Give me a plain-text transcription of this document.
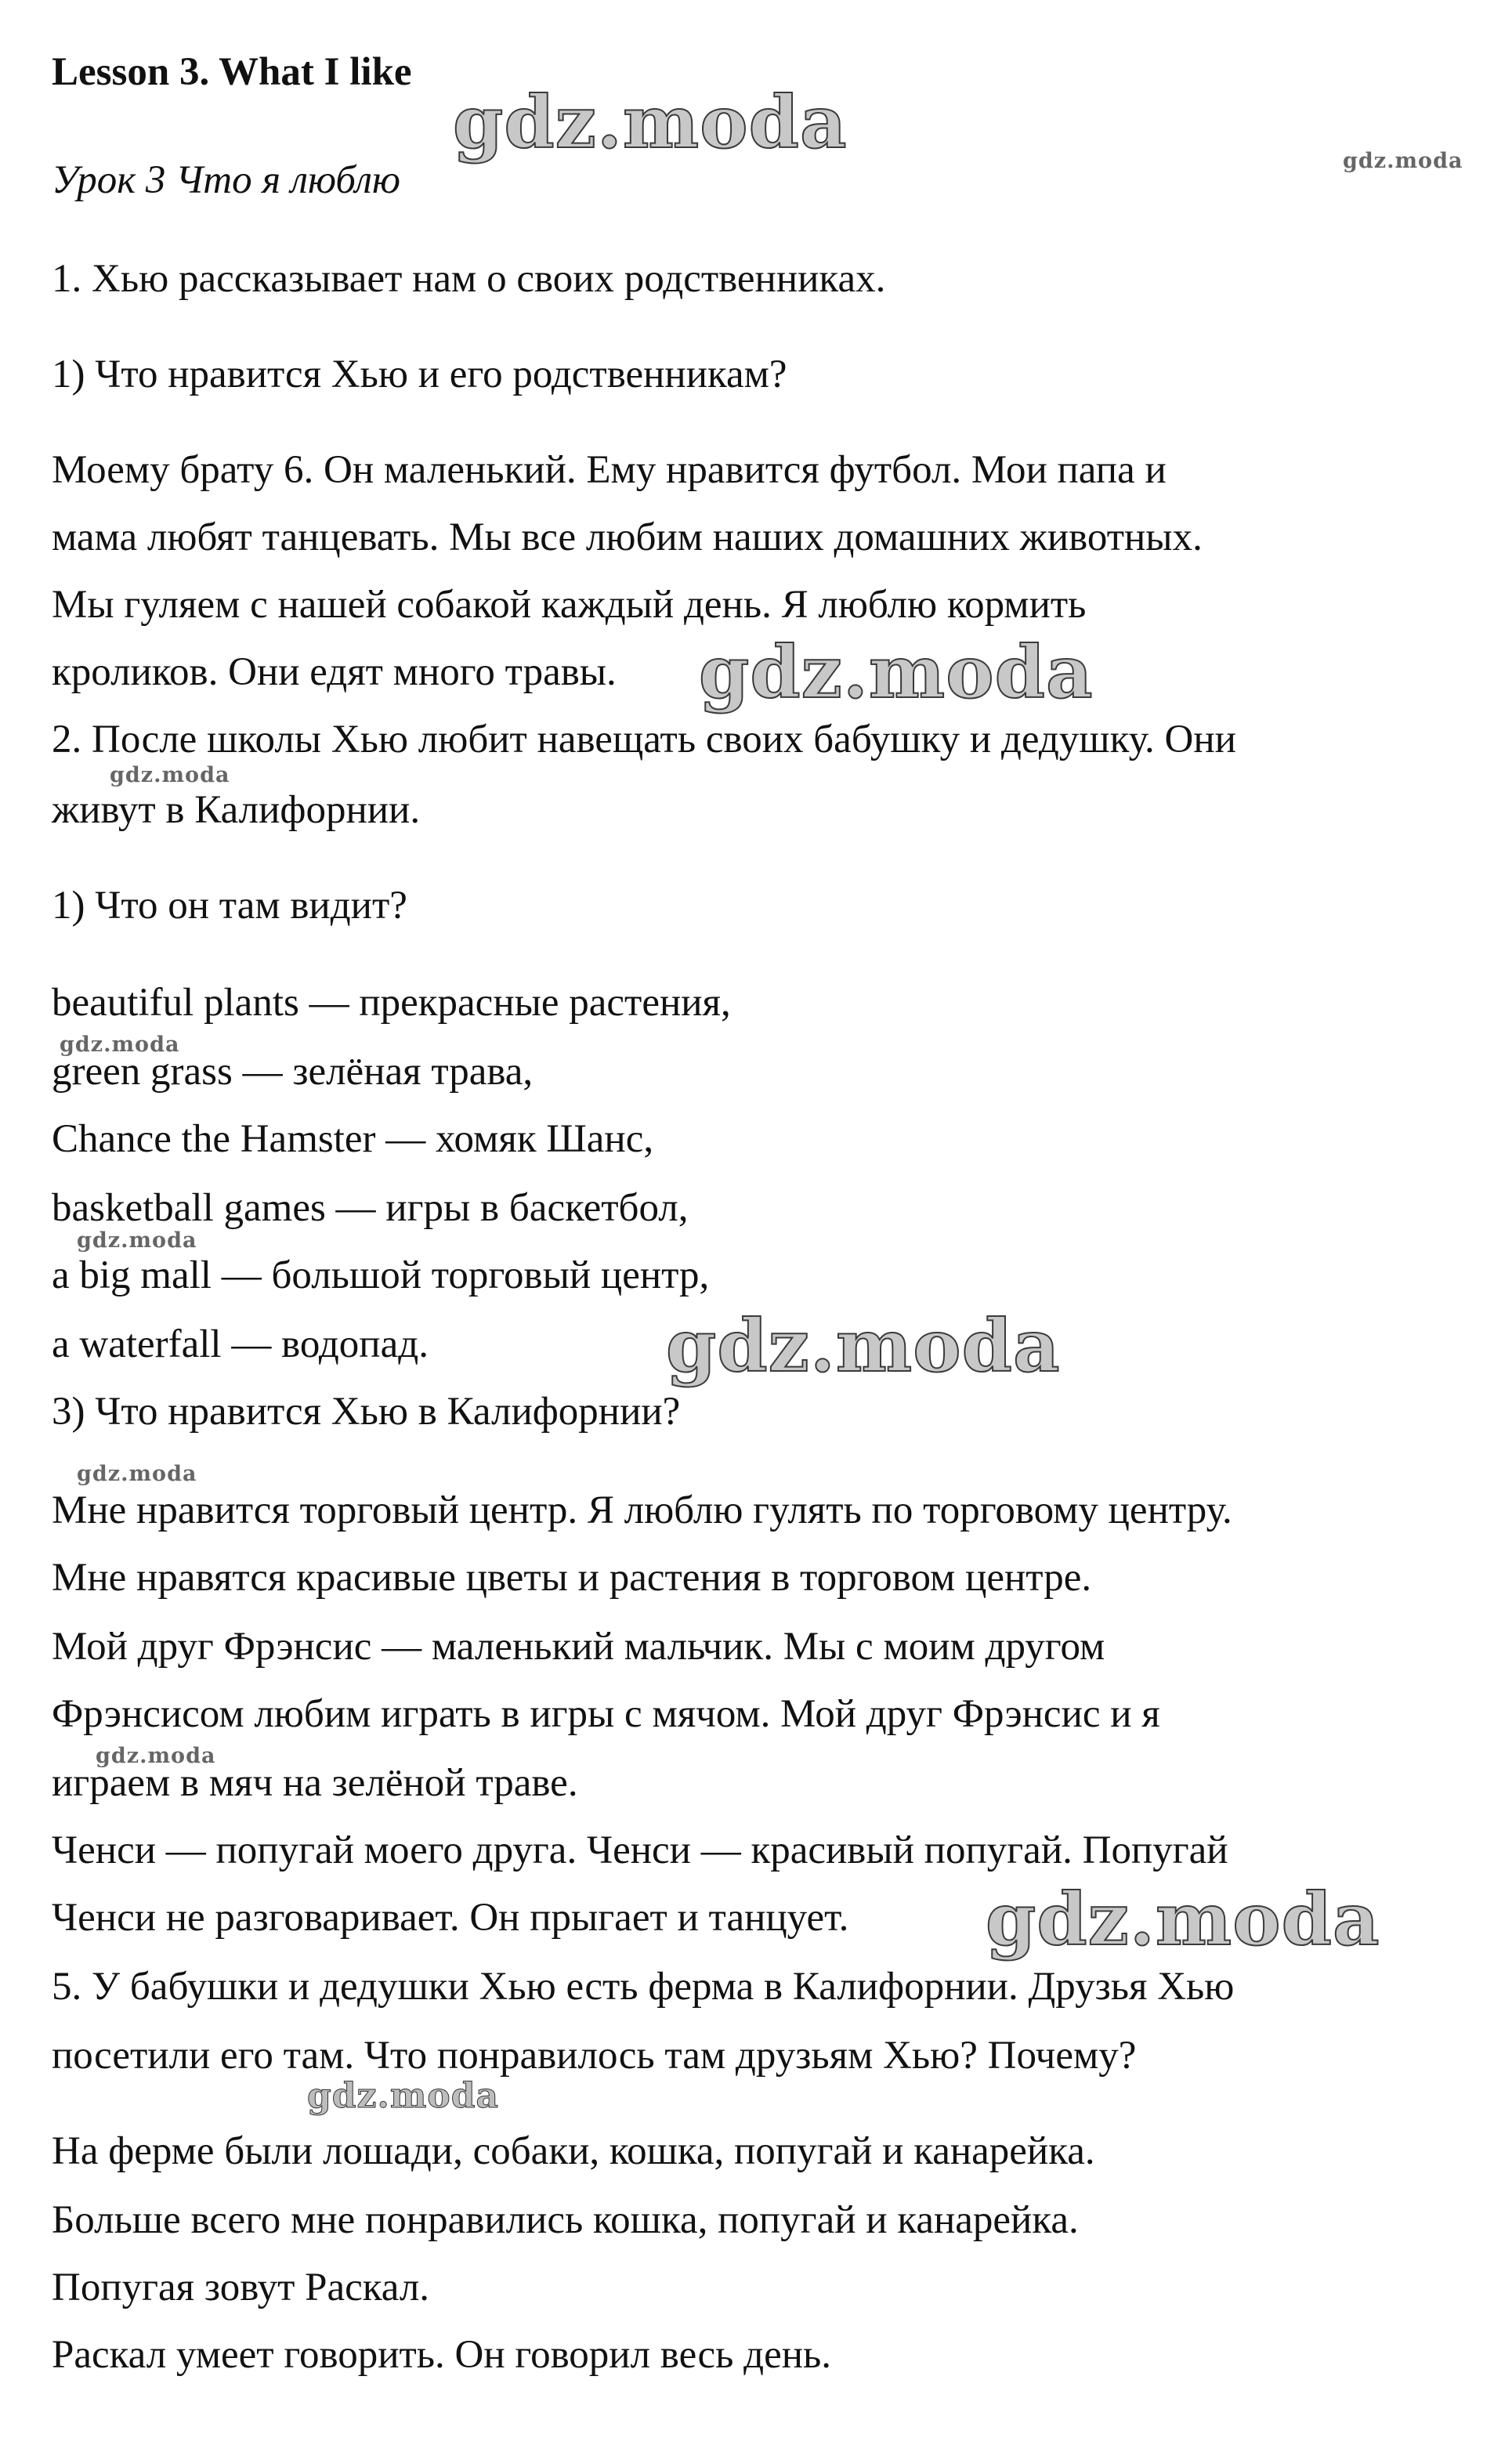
Lesson 3. What I like
Урок 3 Что я люблю
1. Хью рассказывает нам о своих родственниках.
1) Что нравится Хью и его родственникам?
Моему брату 6. Он маленький. Ему нравится футбол. Мои папа и
мама любят танцевать. Мы все любим наших домашних животных.
Мы гуляем с нашей собакой каждый день. Я люблю кормить
кроликов. Они едят много травы.
2. После школы Хью любит навещать своих бабушку и дедушку. Они
живут в Калифорнии.
1) Что он там видит?
beautiful plants — прекрасные растения,
green grass — зелёная трава,
Chance the Hamster — хомяк Шанс,
basketball games — игры в баскетбол,
a big mall — большой торговый центр,
a waterfall — водопад.
3) Что нравится Хью в Калифорнии?
Мне нравится торговый центр. Я люблю гулять по торговому центру.
Мне нравятся красивые цветы и растения в торговом центре.
Мой друг Фрэнсис — маленький мальчик. Мы с моим другом
Фрэнсисом любим играть в игры с мячом. Мой друг Фрэнсис и я
играем в мяч на зелёной траве.
Ченси — попугай моего друга. Ченси — красивый попугай. Попугай
Ченси не разговаривает. Он прыгает и танцует.
5. У бабушки и дедушки Хью есть ферма в Калифорнии. Друзья Хью
посетили его там. Что понравилось там друзьям Хью? Почему?
На ферме были лошади, собаки, кошка, попугай и канарейка.
Больше всего мне понравились кошка, попугай и канарейка.
Попугая зовут Раскал.
Раскал умеет говорить. Он говорил весь день.
gdz.moda	gdz.moda
gdz.moda
gdz.moda
gdz.moda
gdz.moda
gdz.moda
gdz.moda
gdz.moda
gdz.moda
gdz.moda
